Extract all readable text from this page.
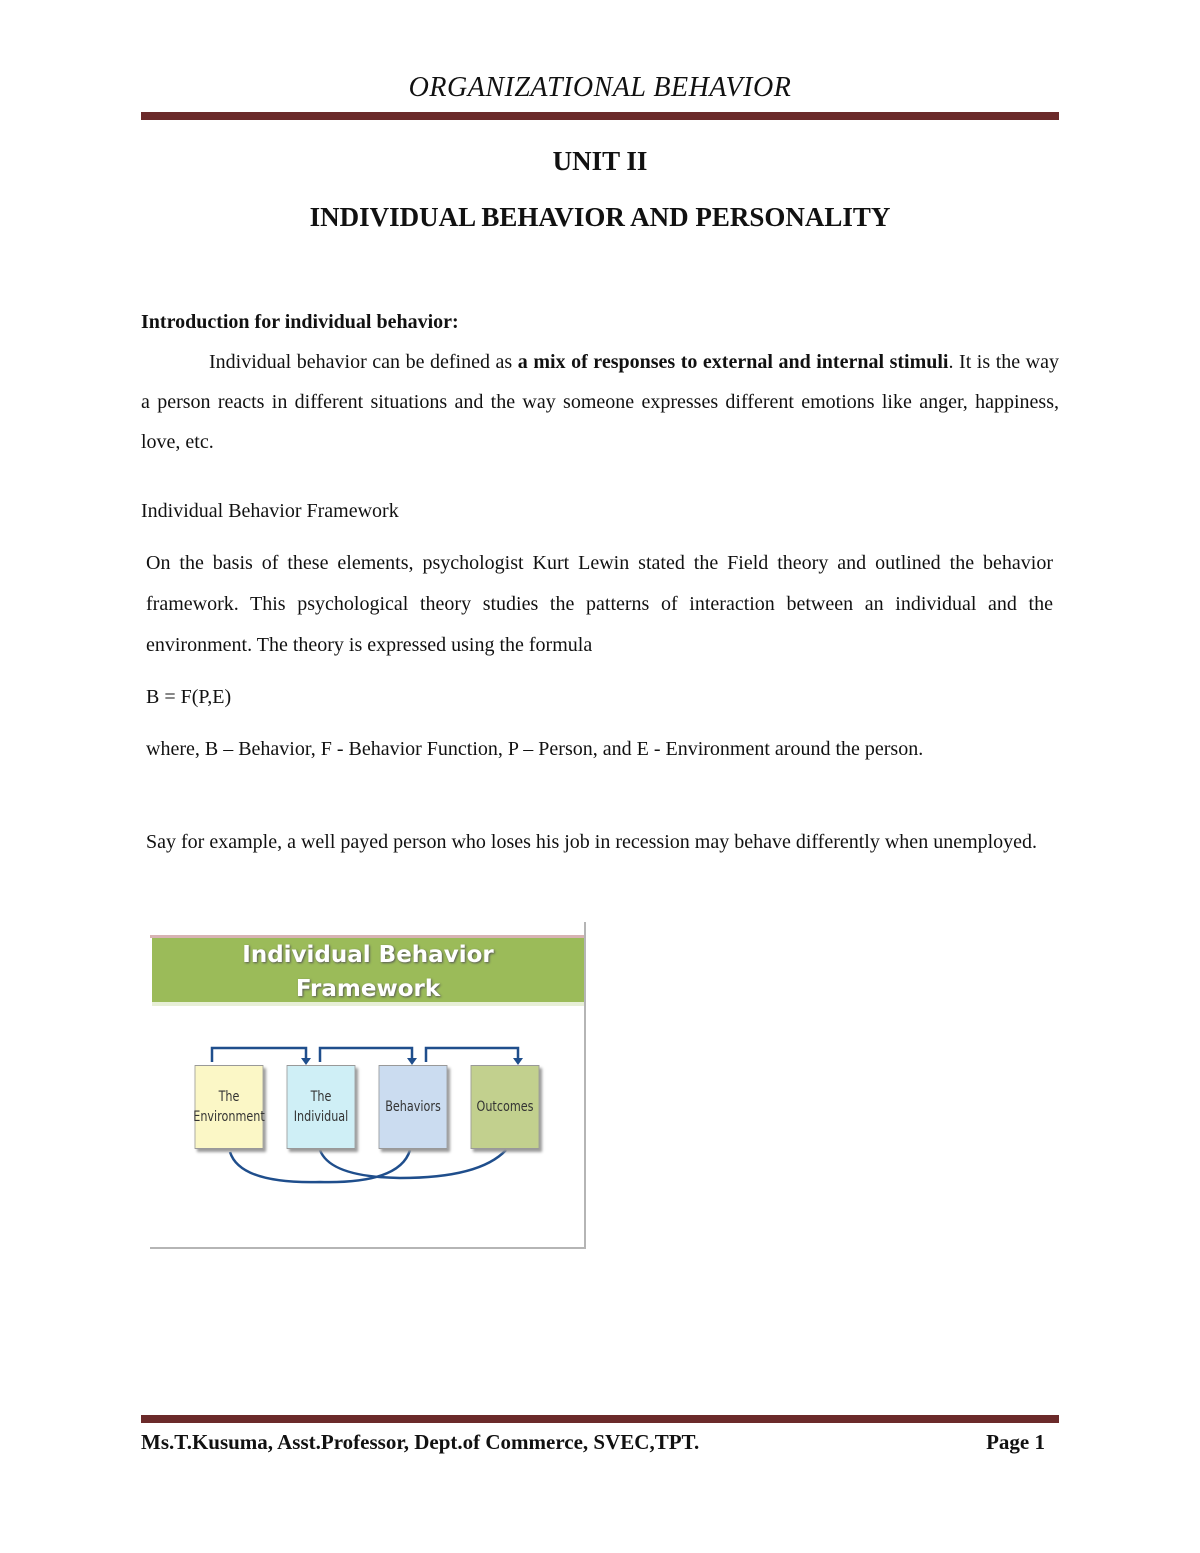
ORGANIZATIONAL BEHAVIOR
UNIT II
INDIVIDUAL BEHAVIOR AND PERSONALITY
Introduction for individual behavior:
Individual behavior can be defined as a mix of responses to external and internal stimuli. It is the way a person reacts in different situations and the way someone expresses different emotions like anger, happiness, love, etc.
Individual Behavior Framework
On the basis of these elements, psychologist Kurt Lewin stated the Field theory and outlined the behavior framework. This psychological theory studies the patterns of interaction between an individual and the environment. The theory is expressed using the formula
B = F(P,E)
where, B – Behavior, F - Behavior Function, P – Person, and E - Environment around the person.
Say for example, a well payed person who loses his job in recession may behave differently when unemployed.
Individual Behavior
Framework
The
Environment
The
Individual
Behaviors	Outcomes
Ms.T.Kusuma, Asst.Professor, Dept.of Commerce, SVEC,TPT.	Page 1
